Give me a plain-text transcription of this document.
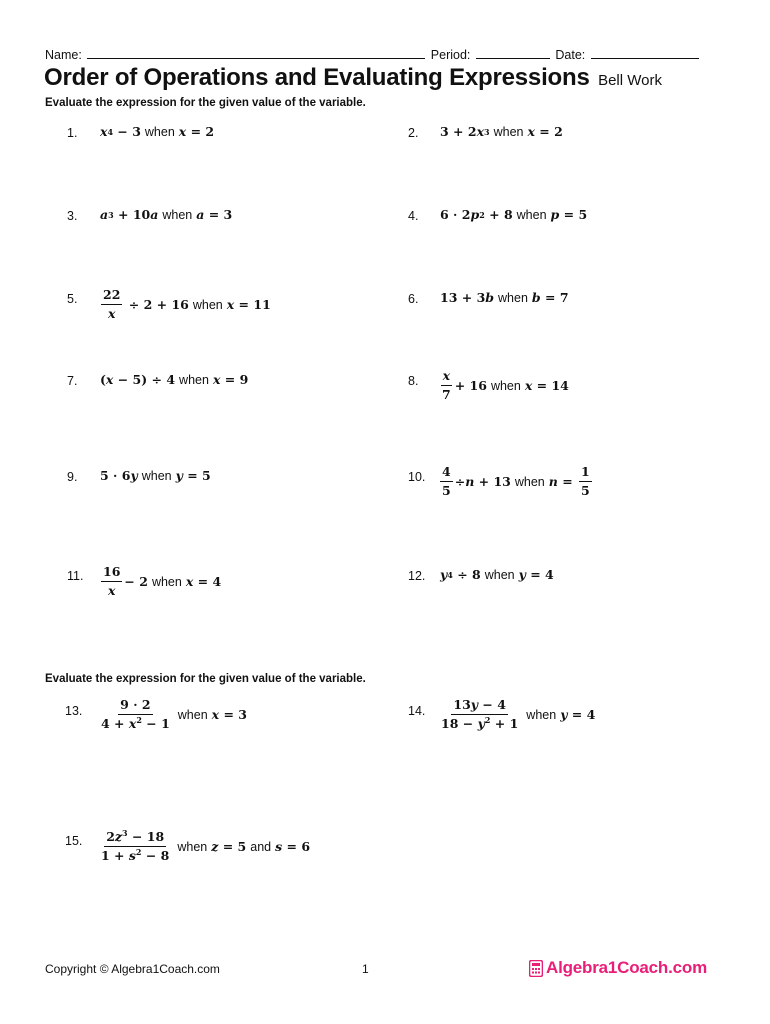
Name:	Period:	Date:
Order of Operations and Evaluating Expressions Bell Work
Evaluate the expression for the given value of the variable.
1. x 4 − 3 when x = 2	2. 3 + 2 x 3 when x = 2
3. a 3 + 10 a when a = 3	4. 6 · 2 p 2 + 8 when p = 5
5. $\frac{22}{x} \div 2 + 16$ when x = 11	6. 13 + 3 b when b = 7
7. ( x − 5) ÷ 4 when x = 9	8. $\frac{x}{7} + 16$ when x = 14
9. 5 · 6 y when y = 5	10. $\frac{4}{5} \div n + 13$ when $n = \frac{1}{5}$
11. $\frac{16}{x} - 2$ when x = 4	12. y 4 ÷ 8 when y = 4
Evaluate the expression for the given value of the variable.
13. $\frac{9 \cdot 2}{4 + x^2 - 1}$ when x = 3	14. $\frac{13y - 4}{18 - y^2 + 1}$ when y = 4
15. $\frac{2z^3 - 18}{1 + s^2 - 8}$ when z = 5 and s = 6
Copyright © Algebra1Coach.com	1	Algebra1Coach.com
